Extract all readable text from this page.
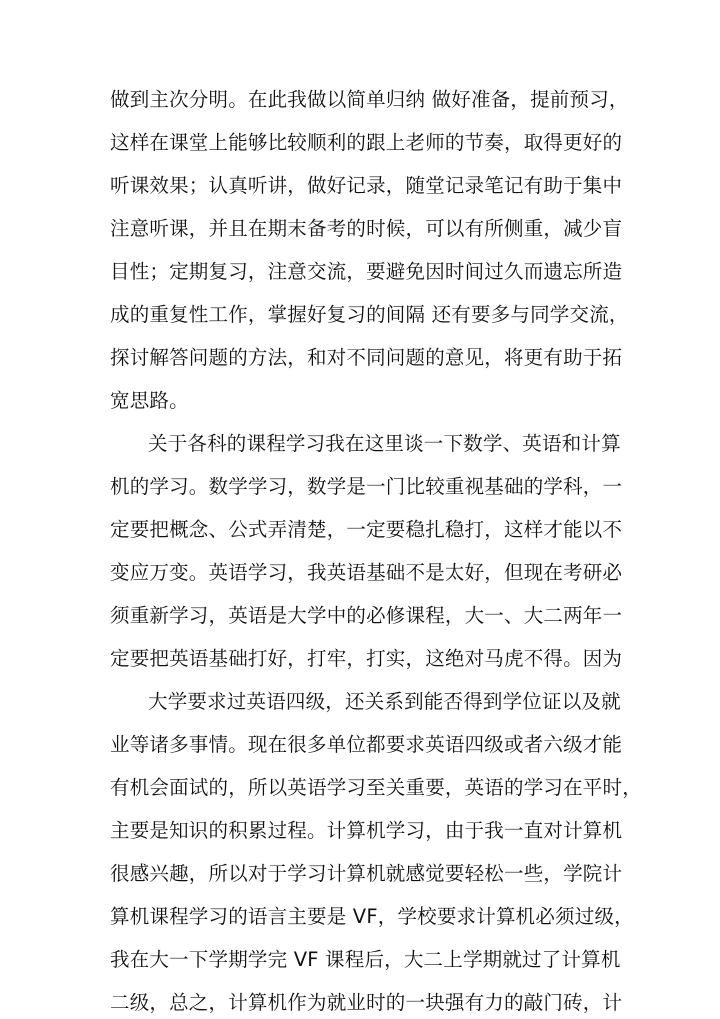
做到主次分明。在此我做以简单归纳 做好准备，提前预习，
这样在课堂上能够比较顺利的跟上老师的节奏，取得更好的
听课效果；认真听讲，做好记录，随堂记录笔记有助于集中
注意听课，并且在期末备考的时候，可以有所侧重，减少盲
目性；定期复习，注意交流，要避免因时间过久而遗忘所造
成的重复性工作，掌握好复习的间隔 还有要多与同学交流，
探讨解答问题的方法，和对不同问题的意见，将更有助于拓
宽思路。
关于各科的课程学习我在这里谈一下数学、英语和计算
机的学习。数学学习，数学是一门比较重视基础的学科，一
定要把概念、公式弄清楚，一定要稳扎稳打，这样才能以不
变应万变。英语学习，我英语基础不是太好，但现在考研必
须重新学习，英语是大学中的必修课程，大一、大二两年一
定要把英语基础打好，打牢，打实，这绝对马虎不得。因为
大学要求过英语四级，还关系到能否得到学位证以及就
业等诸多事情。现在很多单位都要求英语四级或者六级才能
有机会面试的，所以英语学习至关重要，英语的学习在平时，
主要是知识的积累过程。计算机学习，由于我一直对计算机
很感兴趣，所以对于学习计算机就感觉要轻松一些，学院计
算机课程学习的语言主要是 VF，学校要求计算机必须过级，
我在大一下学期学完 VF 课程后，大二上学期就过了计算机
二级，总之，计算机作为就业时的一块强有力的敲门砖，计
